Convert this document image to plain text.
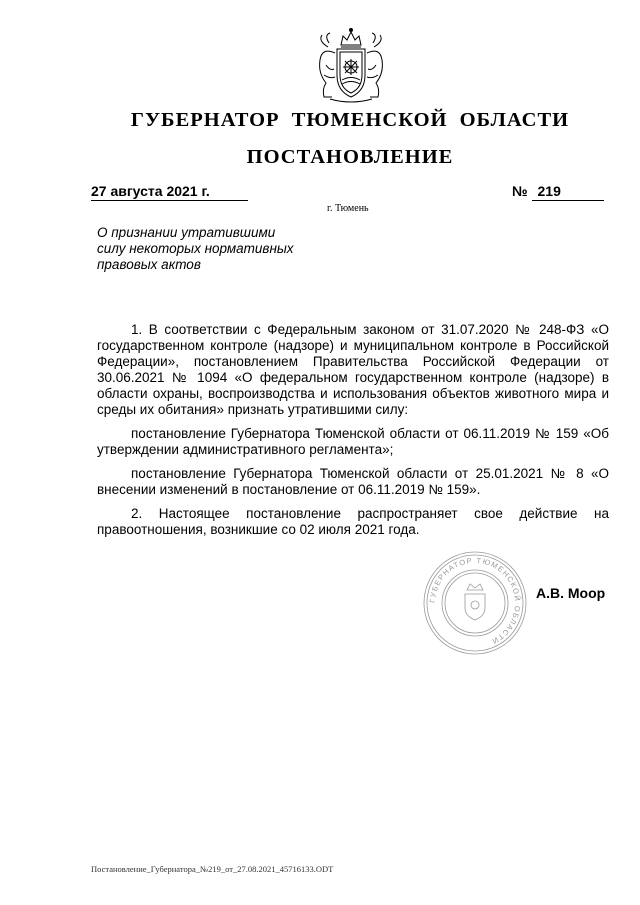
ГУБЕРНАТОР ТЮМЕНСКОЙ ОБЛАСТИ
ПОСТАНОВЛЕНИЕ
27 августа 2021 г.
г. Тюмень
№ 219
О признании утратившими силу некоторых нормативных правовых актов

1. В соответствии с Федеральным законом от 31.07.2020 № 248-ФЗ «О государственном контроле (надзоре) и муниципальном контроле в Российской Федерации», постановлением Правительства Российской Федерации от 30.06.2021 № 1094 «О федеральном государственном контроле (надзоре) в области охраны, воспроизводства и использования объектов животного мира и среды их обитания» признать утратившими силу:

постановление Губернатора Тюменской области от 06.11.2019 № 159 «Об утверждении административного регламента»;

постановление Губернатора Тюменской области от 25.01.2021 № 8 «О внесении изменений в постановление от 06.11.2019 № 159».

2. Настоящее постановление распространяет свое действие на правоотношения, возникшие со 02 июля 2021 года.

ГУБЕРНАТОР ТЮМЕНСКОЙ ОБЛАСТИ
А.В. Моор
Постановление_Губернатора_№219_от_27.08.2021_45716133.ODT
